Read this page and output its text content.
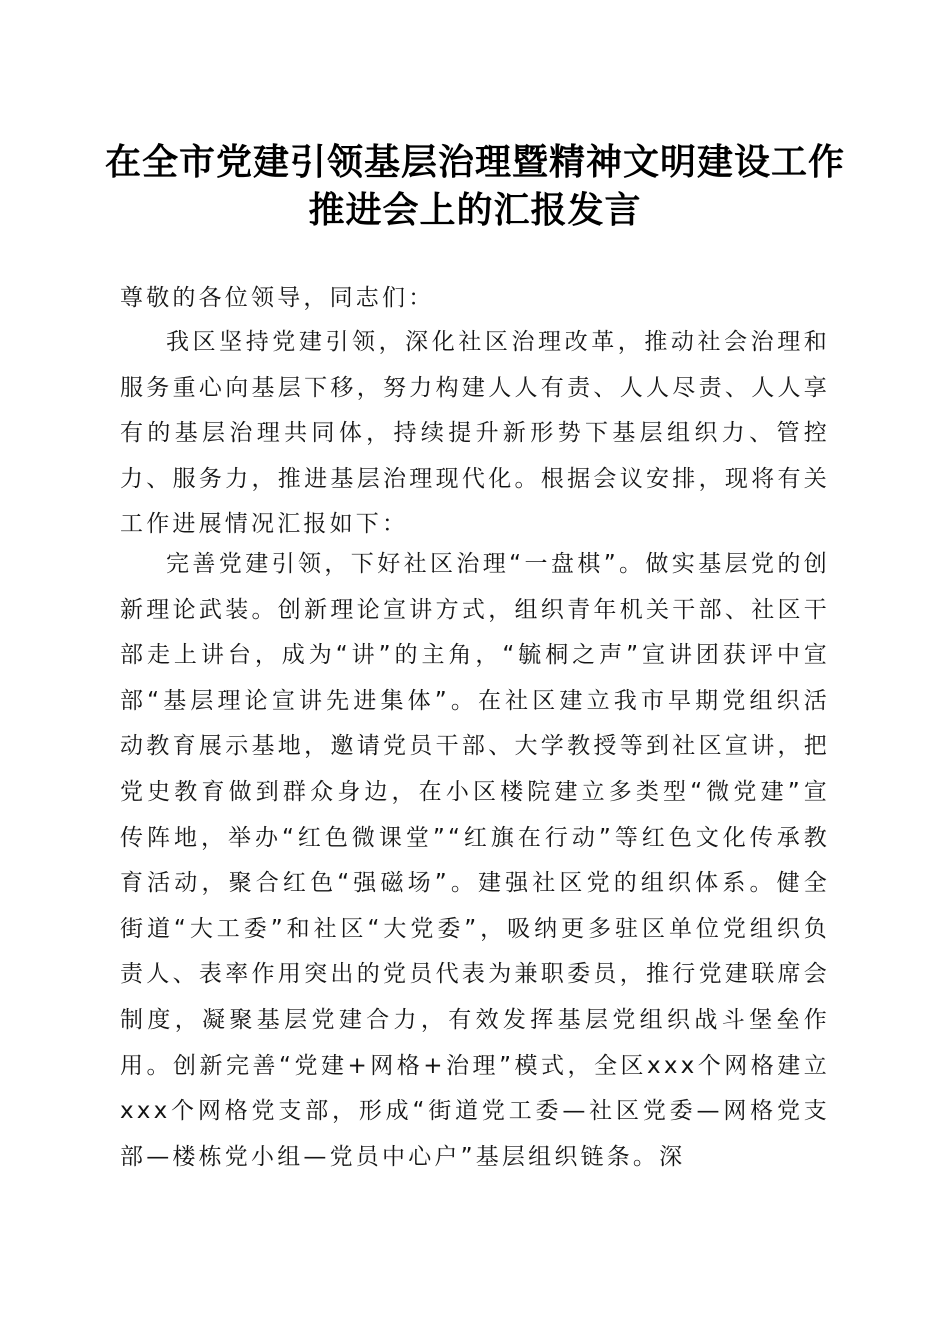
在全市党建引领基层治理暨精神文明建设工作
推进会上的汇报发言

尊敬的各位领导，同志们：

我区坚持党建引领，深化社区治理改革，推动社会治理和服务重心向基层下移，努力构建人人有责、人人尽责、人人享有的基层治理共同体，持续提升新形势下基层组织力、管控力、服务力，推进基层治理现代化。根据会议安排，现将有关工作进展情况汇报如下：

完善党建引领，下好社区治理“一盘棋”。做实基层党的创新理论武装。创新理论宣讲方式，组织青年机关干部、社区干部走上讲台，成为“讲”的主角，“毓桐之声”宣讲团获评中宣部“基层理论宣讲先进集体”。在社区建立我市早期党组织活动教育展示基地，邀请党员干部、大学教授等到社区宣讲，把党史教育做到群众身边，在小区楼院建立多类型“微党建”宣传阵地，举办“红色微课堂”“红旗在行动”等红色文化传承教育活动，聚合红色“强磁场”。建强社区党的组织体系。健全街道“大工委”和社区“大党委”，吸纳更多驻区单位党组织负责人、表率作用突出的党员代表为兼职委员，推行党建联席会制度，凝聚基层党建合力，有效发挥基层党组织战斗堡垒作用。创新完善“党建+网格+治理”模式，全区xxx个网格建立xxx个网格党支部，形成“街道党工委—社区党委—网格党支部—楼栋党小组—党员中心户”基层组织链条。深
